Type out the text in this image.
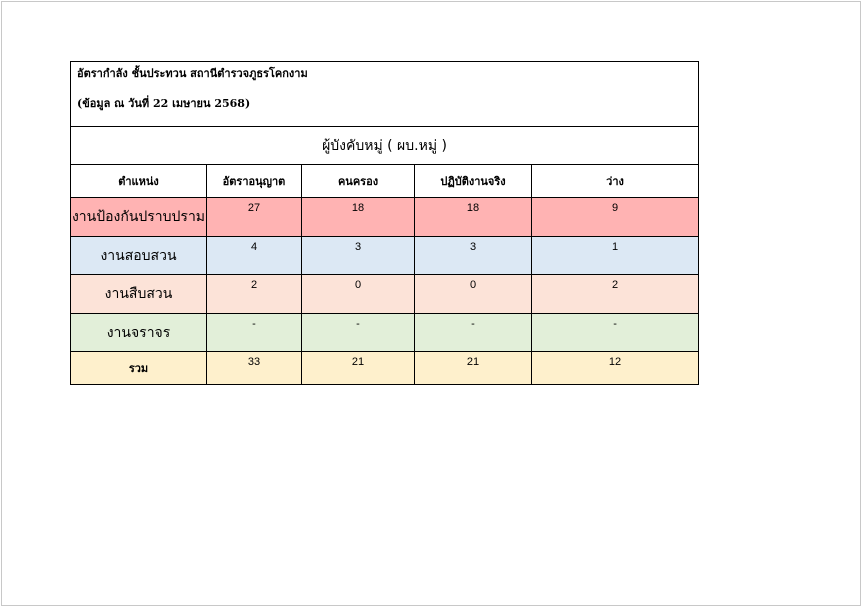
อัตรากำลัง ชั้นประทวน สถานีตำรวจภูธรโคกงาม
(ข้อมูล ณ วันที่ 22 เมษายน 2568)				

ผู้บังคับหมู่ ( ผบ.หมู่ )				
ตำแหน่ง	อัตราอนุญาต	คนครอง	ปฏิบัติงานจริง	ว่าง
งานป้องกันปราบปราม	27	18	18	9
งานสอบสวน	4	3	3	1
งานสืบสวน	2	0	0	2
งานจราจร	-	-	-	-
รวม	33	21	21	12
